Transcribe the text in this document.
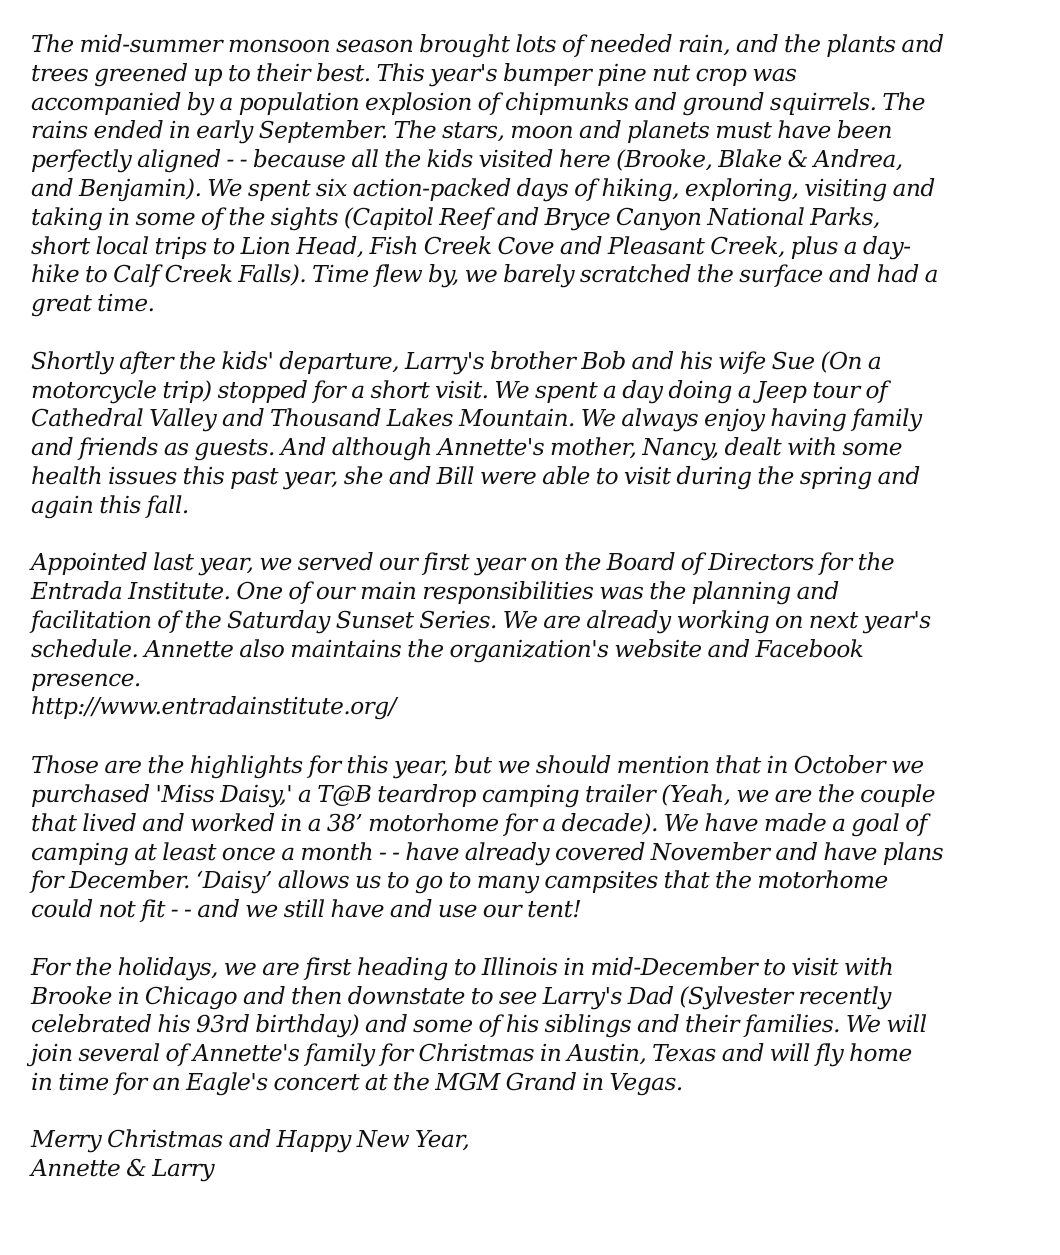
The mid-summer monsoon season brought lots of needed rain, and the plants and
trees greened up to their best. This year's bumper pine nut crop was
accompanied by a population explosion of chipmunks and ground squirrels. The
rains ended in early September. The stars, moon and planets must have been
perfectly aligned - - because all the kids visited here (Brooke, Blake & Andrea,
and Benjamin). We spent six action-packed days of hiking, exploring, visiting and
taking in some of the sights (Capitol Reef and Bryce Canyon National Parks,
short local trips to Lion Head, Fish Creek Cove and Pleasant Creek, plus a day-
hike to Calf Creek Falls). Time flew by, we barely scratched the surface and had a
great time.

Shortly after the kids' departure, Larry's brother Bob and his wife Sue (On a
motorcycle trip) stopped for a short visit. We spent a day doing a Jeep tour of
Cathedral Valley and Thousand Lakes Mountain. We always enjoy having family
and friends as guests. And although Annette's mother, Nancy, dealt with some
health issues this past year, she and Bill were able to visit during the spring and
again this fall.

Appointed last year, we served our first year on the Board of Directors for the
Entrada Institute. One of our main responsibilities was the planning and
facilitation of the Saturday Sunset Series. We are already working on next year's
schedule. Annette also maintains the organization's website and Facebook
presence.
http://www.entradainstitute.org/

Those are the highlights for this year, but we should mention that in October we
purchased 'Miss Daisy,' a T@B teardrop camping trailer (Yeah, we are the couple
that lived and worked in a 38’ motorhome for a decade). We have made a goal of
camping at least once a month - - have already covered November and have plans
for December. ‘Daisy’ allows us to go to many campsites that the motorhome
could not fit - - and we still have and use our tent!

For the holidays, we are first heading to Illinois in mid-December to visit with
Brooke in Chicago and then downstate to see Larry's Dad (Sylvester recently
celebrated his 93rd birthday) and some of his siblings and their families. We will
join several of Annette's family for Christmas in Austin, Texas and will fly home
in time for an Eagle's concert at the MGM Grand in Vegas.

Merry Christmas and Happy New Year,
Annette & Larry
